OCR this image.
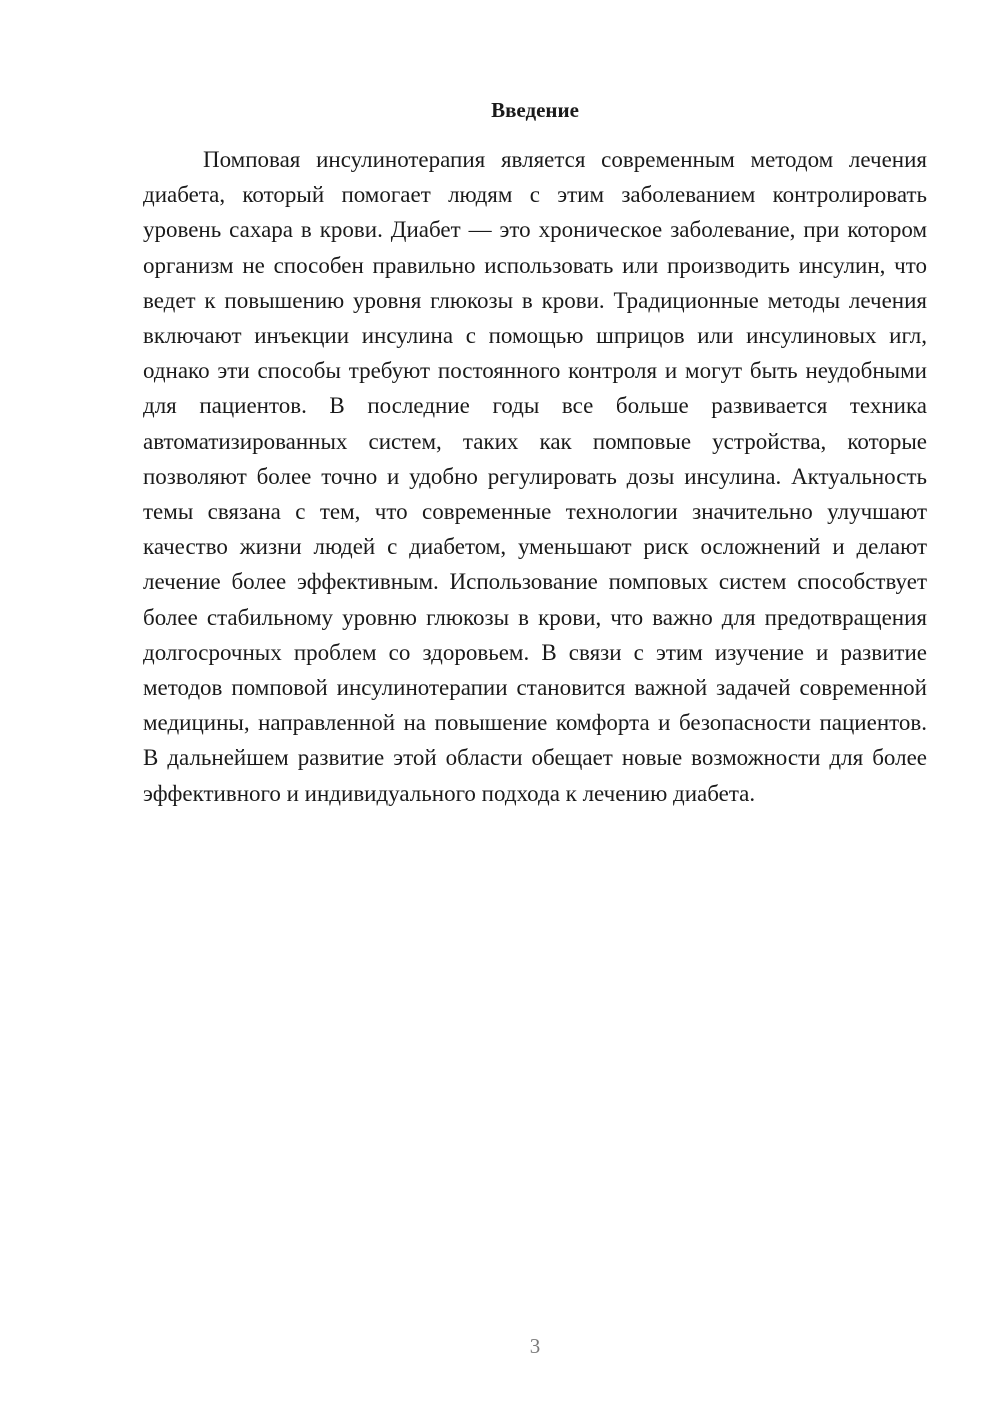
Введение

Помповая инсулинотерапия является современным методом лечения диабета, который помогает людям с этим заболеванием контролировать уровень сахара в крови. Диабет — это хроническое заболевание, при котором организм не способен правильно использовать или производить инсулин, что ведет к повышению уровня глюкозы в крови. Традиционные методы лечения включают инъекции инсулина с помощью шприцов или инсулиновых игл, однако эти способы требуют постоянного контроля и могут быть неудобными для пациентов. В последние годы все больше развивается техника автоматизированных систем, таких как помповые устройства, которые позволяют более точно и удобно регулировать дозы инсулина. Актуальность темы связана с тем, что современные технологии значительно улучшают качество жизни людей с диабетом, уменьшают риск осложнений и делают лечение более эффективным. Использование помповых систем способствует более стабильному уровню глюкозы в крови, что важно для предотвращения долгосрочных проблем со здоровьем. В связи с этим изучение и развитие методов помповой инсулинотерапии становится важной задачей современной медицины, направленной на повышение комфорта и безопасности пациентов. В дальнейшем развитие этой области обещает новые возможности для более эффективного и индивидуального подхода к лечению диабета.

3
